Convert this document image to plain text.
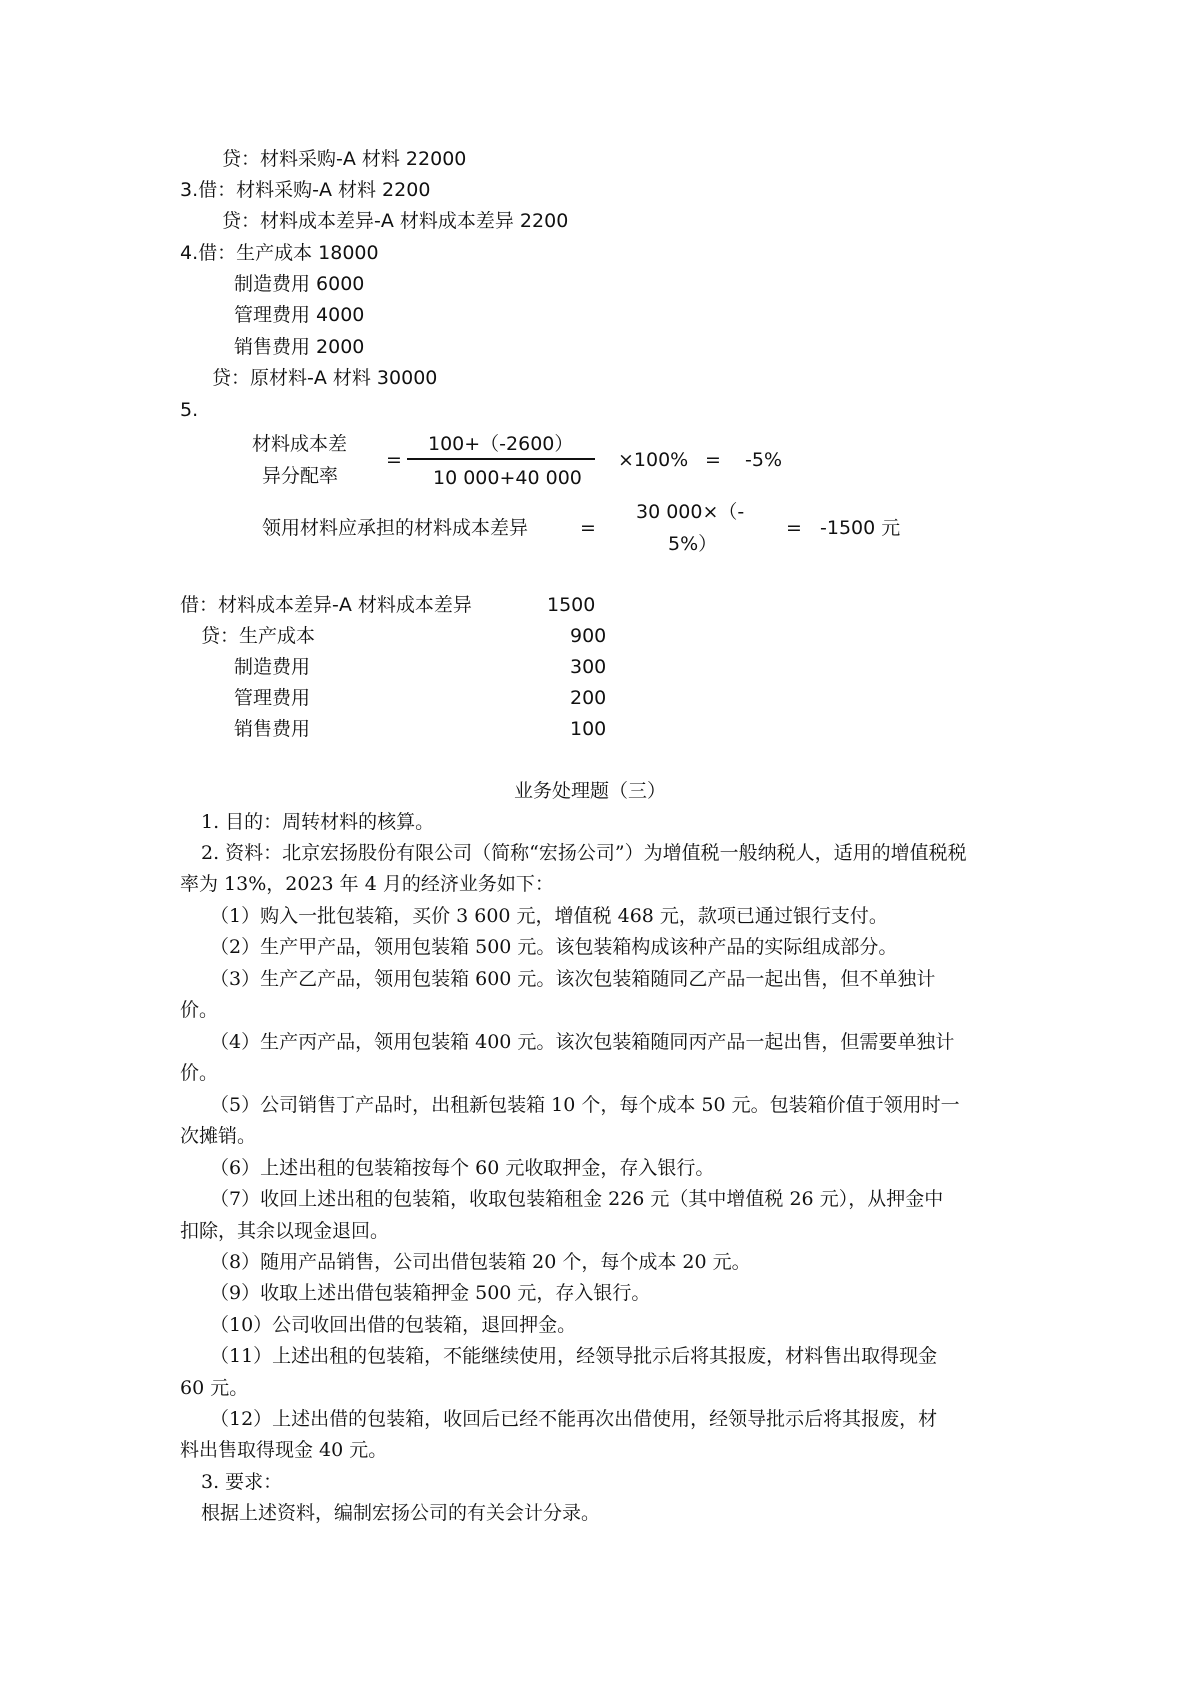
贷：材料采购-A 材料 22000
3.借：材料采购-A 材料 2200
贷：材料成本差异-A 材料成本差异 2200
4.借：生产成本 18000
制造费用 6000
管理费用 4000
销售费用 2000
贷：原材料-A 材料 30000
5.
材料成本差
异分配率
=
100+（-2600）
10 000+40 000
×100% = -5%
领用材料应承担的材料成本差异	=
30 000×（-
5%）
= -1500 元
借：材料成本差异-A 材料成本差异	1500
贷：生产成本	900
制造费用	300
管理费用	200
销售费用	100
业务处理题（三）
1. 目的：周转材料的核算。
2. 资料：北京宏扬股份有限公司（简称“宏扬公司”）为增值税一般纳税人，适用的增值税税
率为 13%，2023 年 4 月的经济业务如下：
（1）购入一批包装箱，买价 3 600 元，增值税 468 元，款项已通过银行支付。
（2）生产甲产品，领用包装箱 500 元。该包装箱构成该种产品的实际组成部分。
（3）生产乙产品，领用包装箱 600 元。该次包装箱随同乙产品一起出售，但不单独计
价。
（4）生产丙产品，领用包装箱 400 元。该次包装箱随同丙产品一起出售，但需要单独计
价。
（5）公司销售丁产品时，出租新包装箱 10 个，每个成本 50 元。包装箱价值于领用时一
次摊销。
（6）上述出租的包装箱按每个 60 元收取押金，存入银行。
（7）收回上述出租的包装箱，收取包装箱租金 226 元（其中增值税 26 元），从押金中
扣除，其余以现金退回。
（8）随用产品销售，公司出借包装箱 20 个，每个成本 20 元。
（9）收取上述出借包装箱押金 500 元，存入银行。
（10）公司收回出借的包装箱，退回押金。
（11）上述出租的包装箱，不能继续使用，经领导批示后将其报废，材料售出取得现金
60 元。
（12）上述出借的包装箱，收回后已经不能再次出借使用，经领导批示后将其报废，材
料出售取得现金 40 元。
3. 要求：
根据上述资料，编制宏扬公司的有关会计分录。
